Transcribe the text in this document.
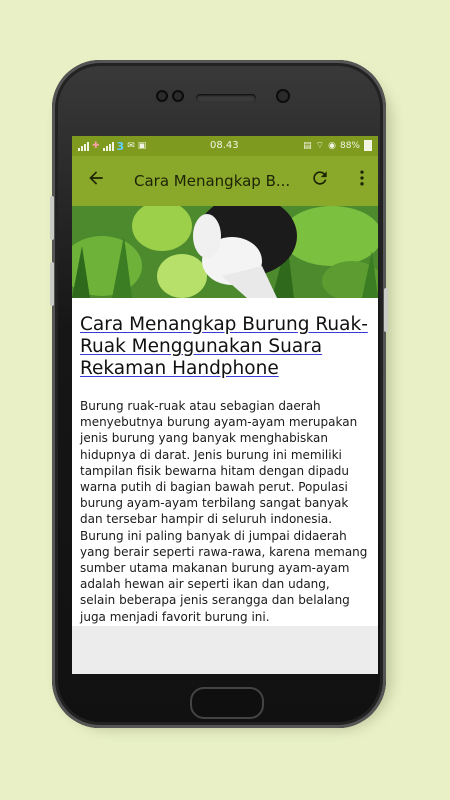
✚ 3 ✉ ▣	08.43	▤ ⌔ ◉ 88%
Cara Menangkap B...
Cara Menangkap Burung Ruak-Ruak Menggunakan Suara Rekaman Handphone

Burung ruak-ruak atau sebagian daerah menyebutnya burung ayam-ayam merupakan jenis burung yang banyak menghabiskan hidupnya di darat. Jenis burung ini memiliki tampilan fisik bewarna hitam dengan dipadu warna putih di bagian bawah perut. Populasi burung ayam-ayam terbilang sangat banyak dan tersebar hampir di seluruh indonesia. Burung ini paling banyak di jumpai didaerah yang berair seperti rawa-rawa, karena memang sumber utama makanan burung ayam-ayam adalah hewan air seperti ikan dan udang, selain beberapa jenis serangga dan belalang juga menjadi favorit burung ini.
